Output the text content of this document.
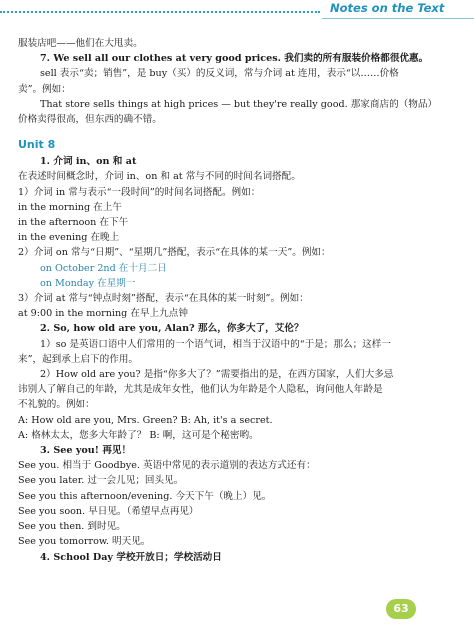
Notes on the Text
服装店吧——他们在大甩卖。
7. We sell all our clothes at very good prices. 我们卖的所有服装价格都很优惠。
sell 表示“卖；销售”，是 buy（买）的反义词，常与介词 at 连用，表示“以……价格
卖”。例如：
That store sells things at high prices — but they're really good. 那家商店的（物品）
价格卖得很高，但东西的确不错。
Unit 8
1. 介词 in、on 和 at
在表述时间概念时，介词 in、on 和 at 常与不同的时间名词搭配。
1）介词 in 常与表示“一段时间”的时间名词搭配。例如：
in the morning 在上午
in the afternoon 在下午
in the evening 在晚上
2）介词 on 常与“日期”、“星期几”搭配，表示“在具体的某一天”。例如：
on October 2nd 在十月二日
on Monday 在星期一
3）介词 at 常与“钟点时刻”搭配，表示“在具体的某一时刻”。例如：
at 9:00 in the morning 在早上九点钟
2. So, how old are you, Alan? 那么，你多大了，艾伦？
1）so 是英语口语中人们常用的一个语气词，相当于汉语中的“于是；那么；这样一
来”，起到承上启下的作用。
2）How old are you? 是指“你多大了？”需要指出的是，在西方国家，人们大多忌
讳别人了解自己的年龄，尤其是成年女性，他们认为年龄是个人隐私，询问他人年龄是
不礼貌的。例如：
A: How old are you, Mrs. Green? B: Ah, it's a secret.
A: 格林太太，您多大年龄了？ B: 啊，这可是个秘密哟。
3. See you! 再见！
See you. 相当于 Goodbye. 英语中常见的表示道别的表达方式还有：
See you later. 过一会儿见；回头见。
See you this afternoon/evening. 今天下午（晚上）见。
See you soon. 早日见。（希望早点再见）
See you then. 到时见。
See you tomorrow. 明天见。
4. School Day 学校开放日；学校活动日
63
